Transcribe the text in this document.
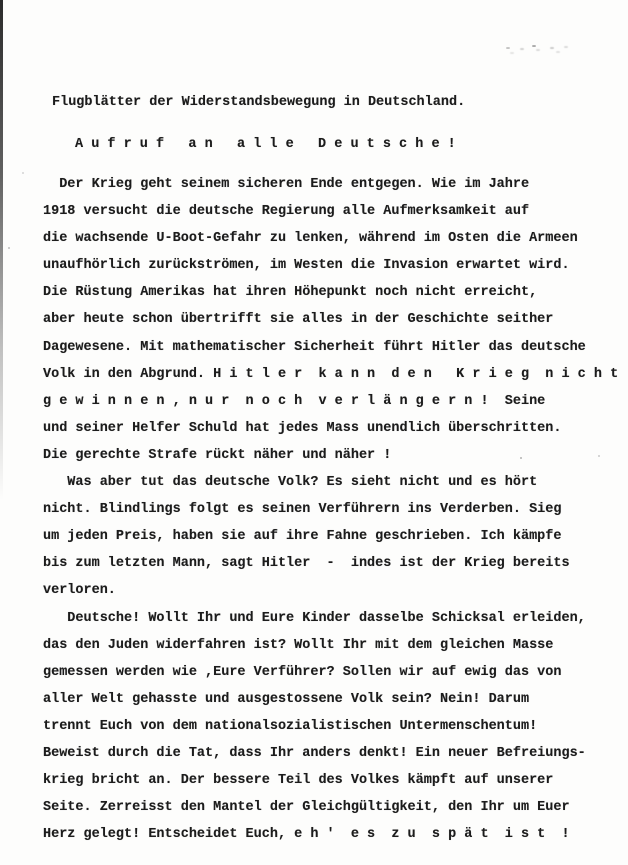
Flugblätter der Widerstandsbewegung in Deutschland.
A u f r u f   a n   a l l e   D e u t s c h e !
Der Krieg geht seinem sicheren Ende entgegen. Wie im Jahre
1918 versucht die deutsche Regierung alle Aufmerksamkeit auf
die wachsende U-Boot-Gefahr zu lenken, während im Osten die Armeen
unaufhörlich zurückströmen, im Westen die Invasion erwartet wird.
Die Rüstung Amerikas hat ihren Höhepunkt noch nicht erreicht,
aber heute schon übertrifft sie alles in der Geschichte seither
Dagewesene. Mit mathematischer Sicherheit führt Hitler das deutsche
Volk in den Abgrund. H i t l e r  k a n n  d e n   K r i e g  n i c h t
g e w i n n e n , n u r  n o c h  v e r l ä n g e r n !  Seine
und seiner Helfer Schuld hat jedes Mass unendlich überschritten.
Die gerechte Strafe rückt näher und näher !
Was aber tut das deutsche Volk? Es sieht nicht und es hört
nicht. Blindlings folgt es seinen Verführern ins Verderben. Sieg
um jeden Preis, haben sie auf ihre Fahne geschrieben. Ich kämpfe
bis zum letzten Mann, sagt Hitler  -  indes ist der Krieg bereits
verloren.
Deutsche! Wollt Ihr und Eure Kinder dasselbe Schicksal erleiden,
das den Juden widerfahren ist? Wollt Ihr mit dem gleichen Masse
gemessen werden wie ,Eure Verführer? Sollen wir auf ewig das von
aller Welt gehasste und ausgestossene Volk sein? Nein! Darum
trennt Euch von dem nationalsozialistischen Untermenschentum!
Beweist durch die Tat, dass Ihr anders denkt! Ein neuer Befreiungs-
krieg bricht an. Der bessere Teil des Volkes kämpft auf unserer
Seite. Zerreisst den Mantel der Gleichgültigkeit, den Ihr um Euer
Herz gelegt! Entscheidet Euch, e h '  e s  z u  s p ä t  i s t  !
